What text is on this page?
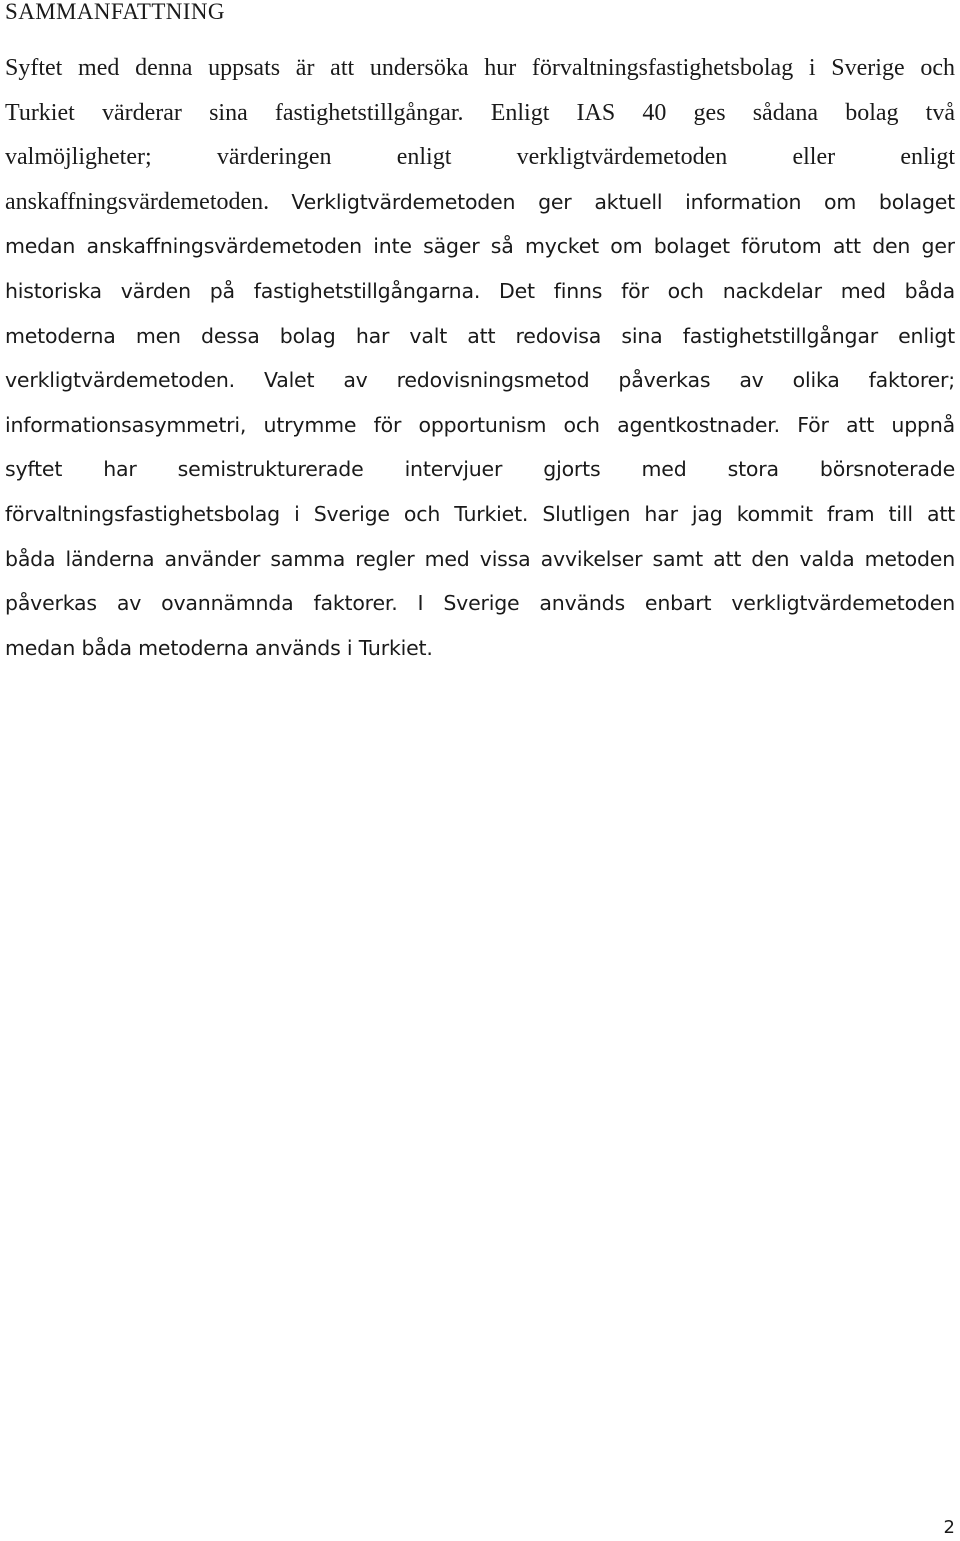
SAMMANFATTNING
Syftet med denna uppsats är att undersöka hur förvaltningsfastighetsbolag i Sverige och
Turkiet värderar sina fastighetstillgångar. Enligt IAS 40 ges sådana bolag två
valmöjligheter; värderingen enligt verkligtvärdemetoden eller enligt
anskaffningsvärdemetoden. Verkligtvärdemetoden ger aktuell information om bolaget
medan anskaffningsvärdemetoden inte säger så mycket om bolaget förutom att den ger
historiska värden på fastighetstillgångarna. Det finns för och nackdelar med båda
metoderna men dessa bolag har valt att redovisa sina fastighetstillgångar enligt
verkligtvärdemetoden. Valet av redovisningsmetod påverkas av olika faktorer;
informationsasymmetri, utrymme för opportunism och agentkostnader. För att uppnå
syftet har semistrukturerade intervjuer gjorts med stora börsnoterade
förvaltningsfastighetsbolag i Sverige och Turkiet. Slutligen har jag kommit fram till att
båda länderna använder samma regler med vissa avvikelser samt att den valda metoden
påverkas av ovannämnda faktorer. I Sverige används enbart verkligtvärdemetoden
medan båda metoderna används i Turkiet.
2
